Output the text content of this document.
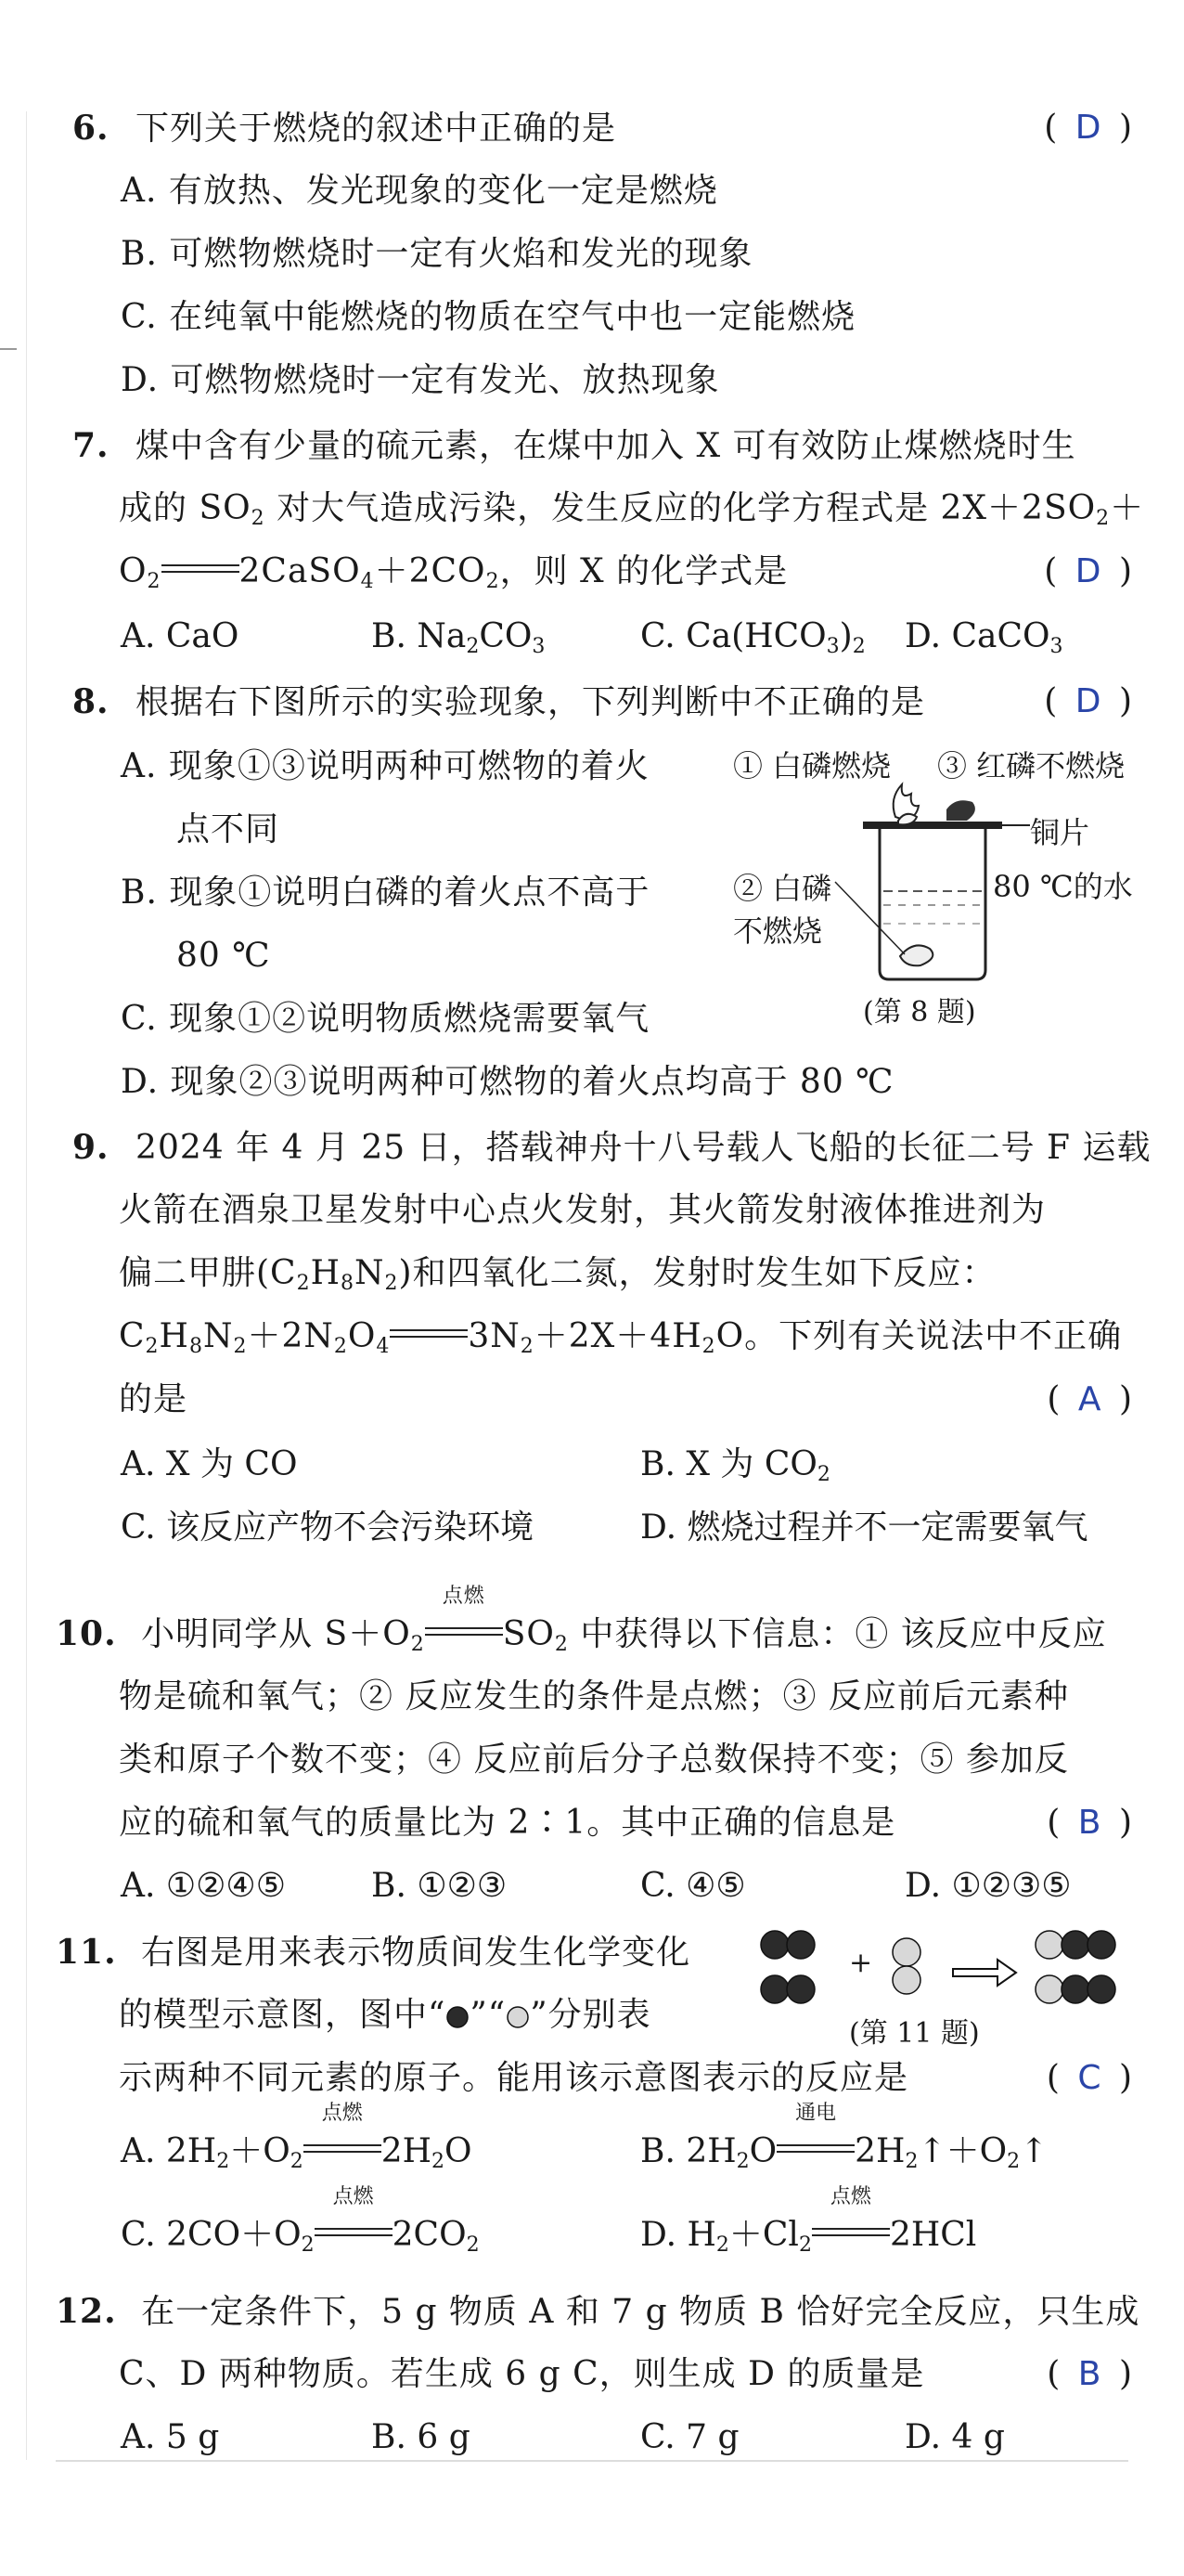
6. 下列关于燃烧的叙述中正确的是	( D )
A. 有放热、发光现象的变化一定是燃烧
B. 可燃物燃烧时一定有火焰和发光的现象
C. 在纯氧中能燃烧的物质在空气中也一定能燃烧
D. 可燃物燃烧时一定有发光、放热现象
7. 煤中含有少量的硫元素，在煤中加入 X 可有效防止煤燃烧时生
成的 $SO_2$ 对大气造成污染，发生反应的化学方程式是 $2X+2SO_2+$
$O_2$ $2CaSO_4+2CO_2$，则 X 的化学式是	( D )
A. CaO	B. $Na_2CO_3$	C. $Ca(HCO_3)_2$ D. CaCO$_3$
8. 根据右下图所示的实验现象，下列判断中不正确的是	( D )
A. 现象①③说明两种可燃物的着火
点不同
B. 现象①说明白磷的着火点不高于
80 ℃
C. 现象①②说明物质燃烧需要氧气
D. 现象②③说明两种可燃物的着火点均高于 80 ℃
① 白磷燃烧 ③ 红磷不燃烧
铜片
80 ℃的水
② 白磷
不燃烧
(第 8 题)
9. 2024 年 4 月 25 日，搭载神舟十八号载人飞船的长征二号 F 运载
火箭在酒泉卫星发射中心点火发射，其火箭发射液体推进剂为
偏二甲肼$(C_2H_8N_2)$和四氧化二氮，发射时发生如下反应：
$C_2H_8N_2+2N_2O_4$ $3N_2+2X+4H_2O$。下列有关说法中不正确
的是	( A )
A. X 为 CO	B. X 为 $CO_2$
C. 该反应产物不会污染环境	D. 燃烧过程并不一定需要氧气
10. 小明同学从 $S+O_2$
点燃
$SO_2$ 中获得以下信息：① 该反应中反应
物是硫和氧气；② 反应发生的条件是点燃；③ 反应前后元素种
类和原子个数不变；④ 反应前后分子总数保持不变；⑤ 参加反
应的硫和氧气的质量比为 2∶1。其中正确的信息是	( B )
A. ①②④⑤	B. ①②③	C. ④⑤	D. ①②③⑤
11. 右图是用来表示物质间发生化学变化
的模型示意图，图中“ ”“ ”分别表
示两种不同元素的原子。能用该示意图表示的反应是	( C )
+
(第 11 题)
A. $2H_2+O_2$
点燃
$2H_2O$	B. $2H_2O$
通电
$2H_2↑+O_2↑$
C. $2CO+O_2$
点燃
$2CO_2$	D. $H_2+Cl_2$
点燃
2HCl
12. 在一定条件下，5 g 物质 A 和 7 g 物质 B 恰好完全反应，只生成
C、D 两种物质。若生成 6 g C，则生成 D 的质量是	( B )
A. 5 g	B. 6 g	C. 7 g	D. 4 g
